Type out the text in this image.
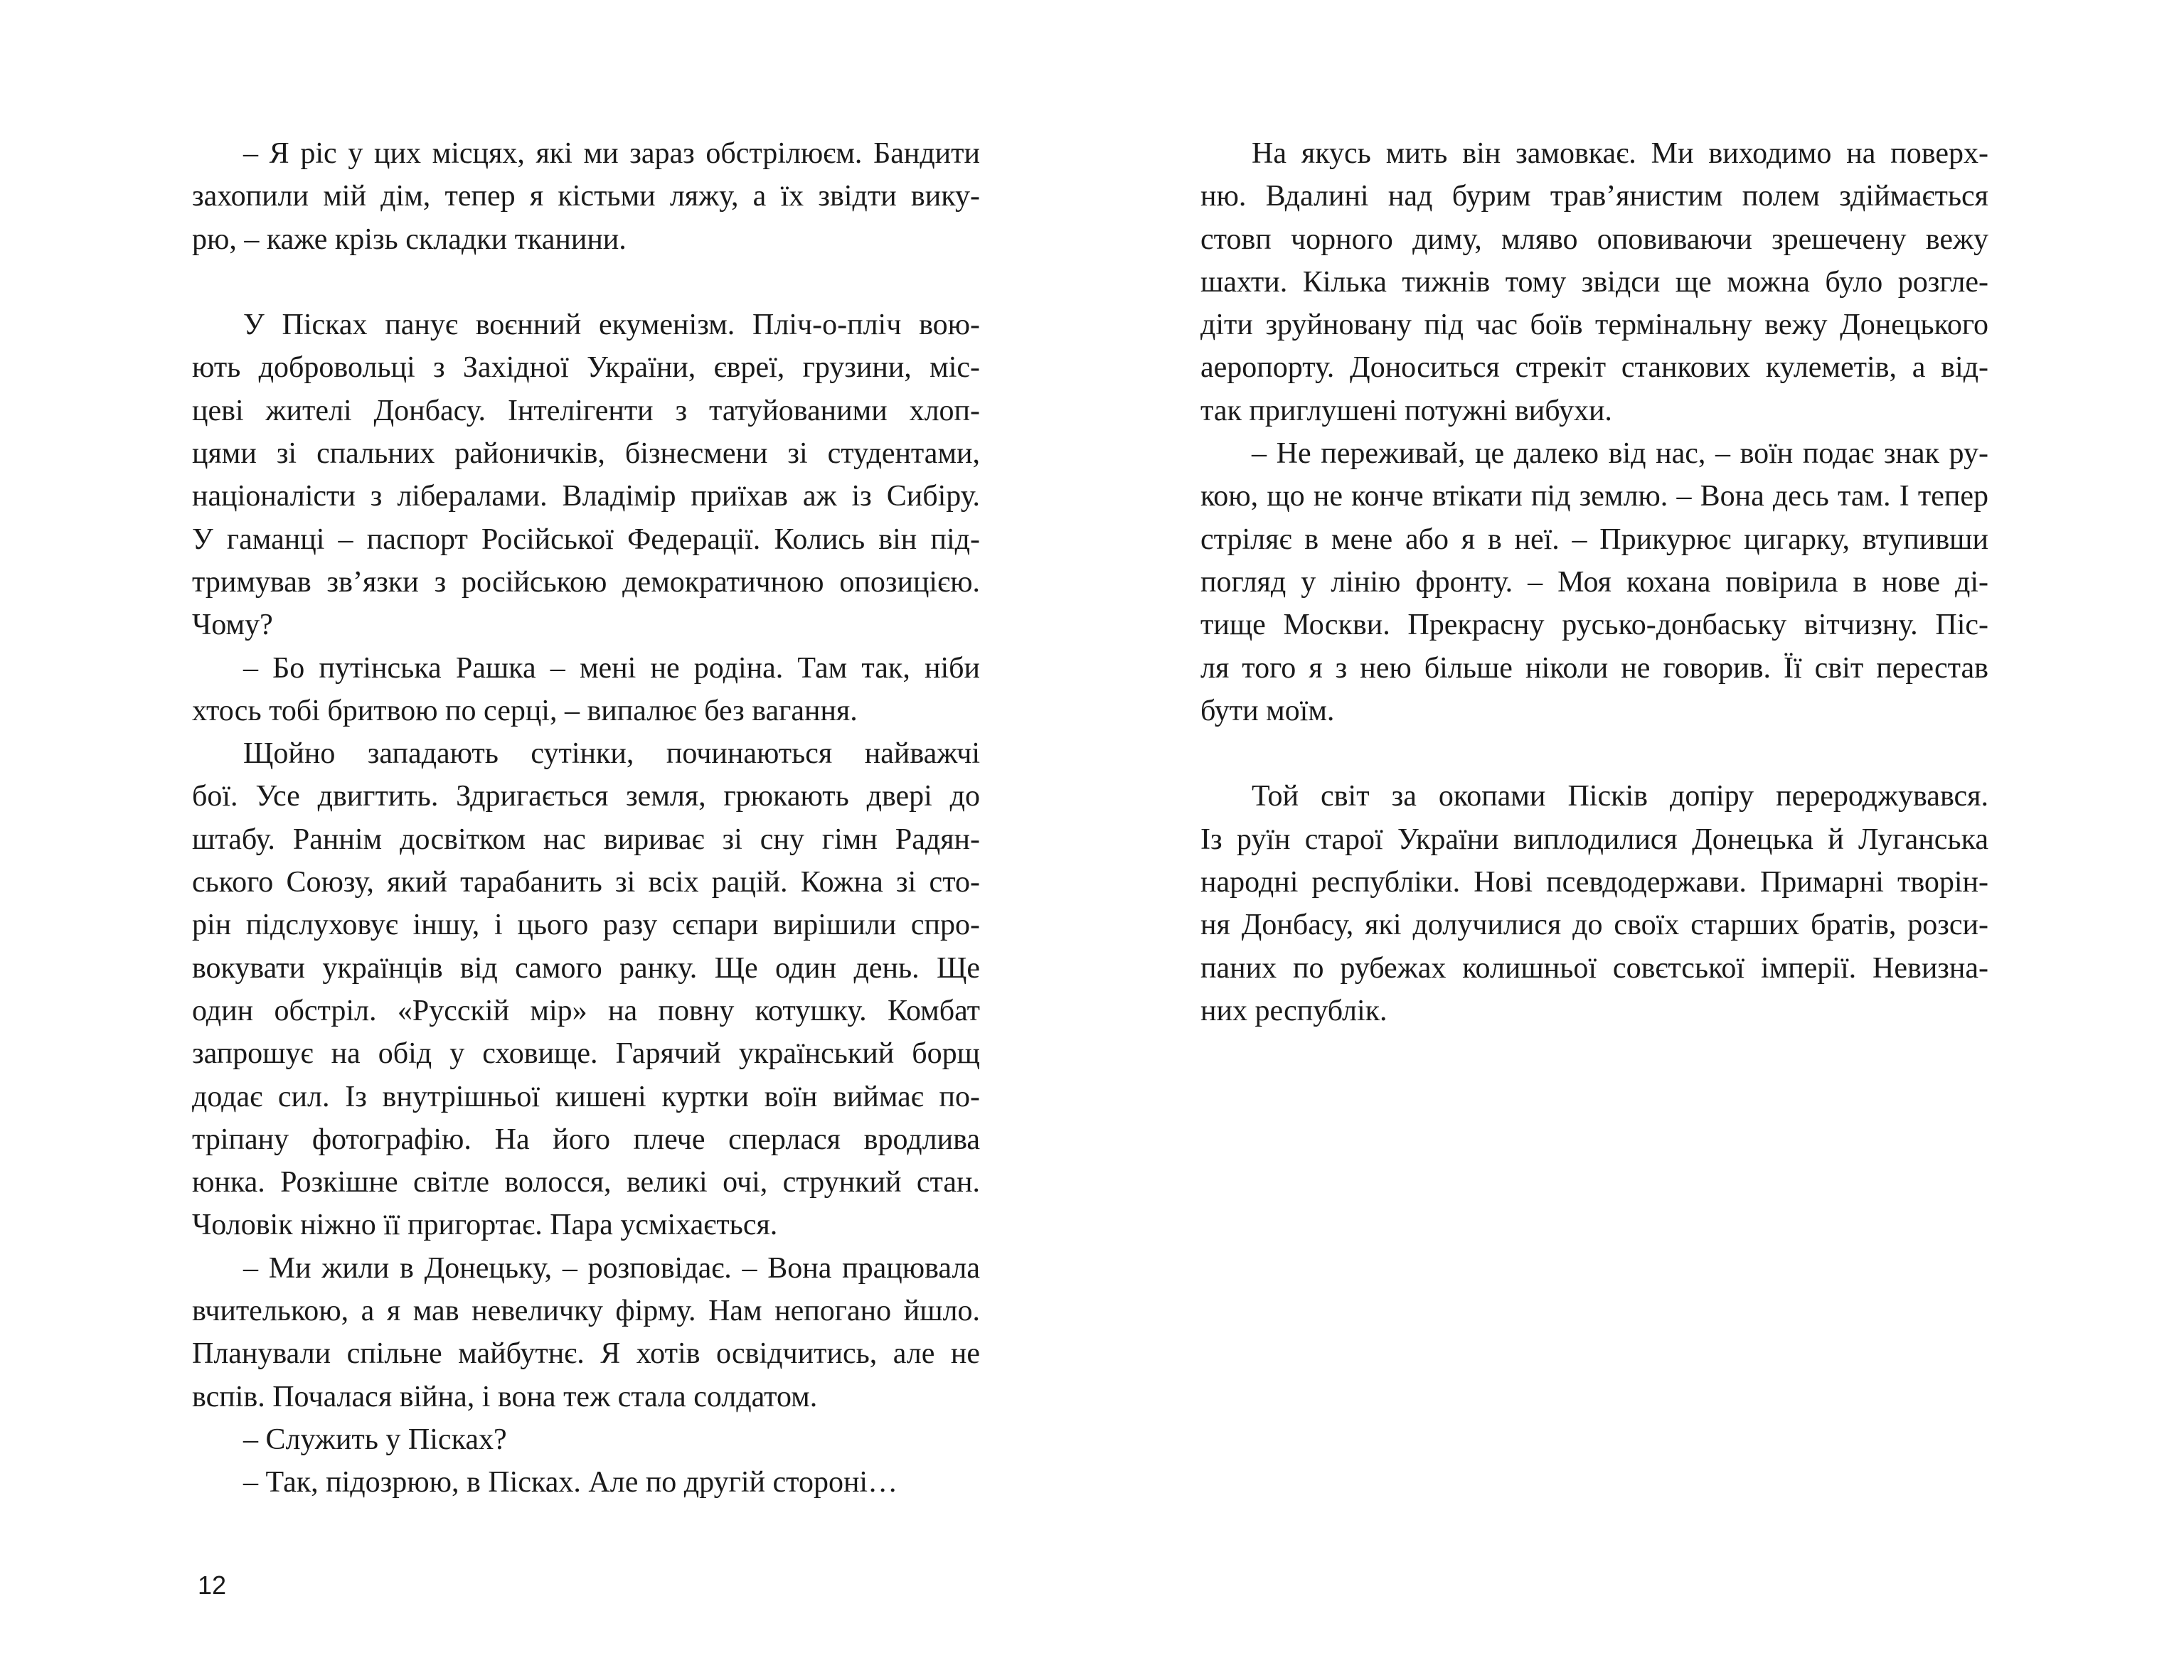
– Я ріс у цих місцях, які ми зараз обстрілюєм. Бандити
захопили мій дім, тепер я кістьми ляжу, а їх звідти вику-
рю, – каже крізь складки тканини.
У Пісках панує воєнний екуменізм. Пліч-о-пліч вою-
ють добровольці з Західної України, євреї, грузини, міс-
цеві жителі Донбасу. Інтелігенти з татуйованими хлоп-
цями зі спальних районичків, бізнесмени зі студентами,
націоналісти з лібералами. Владімір приїхав аж із Сибіру.
У гаманці – паспорт Російської Федерації. Колись він під-
тримував зв’язки з російською демократичною опозицією.
Чому?
– Бо путінська Рашка – мені не родіна. Там так, ніби
хтось тобі бритвою по серці, – випалює без вагання.
Щойно западають сутінки, починаються найважчі
бої. Усе двигтить. Здригається земля, грюкають двері до
штабу. Раннім досвітком нас вириває зі сну гімн Радян-
ського Союзу, який тарабанить зі всіх рацій. Кожна зі сто-
рін підслуховує іншу, і цього разу сєпари вирішили спро-
вокувати українців від самого ранку. Ще один день. Ще
один обстріл. «Русскій мір» на повну котушку. Комбат
запрошує на обід у сховище. Гарячий український борщ
додає сил. Із внутрішньої кишені куртки воїн виймає по-
тріпану фотографію. На його плече сперлася вродлива
юнка. Розкішне світле волосся, великі очі, стрункий стан.
Чоловік ніжно її пригортає. Пара усміхається.
– Ми жили в Донецьку, – розповідає. – Вона працювала
вчителькою, а я мав невеличку фірму. Нам непогано йшло.
Планували спільне майбутнє. Я хотів освідчитись, але не
вспів. Почалася війна, і вона теж стала солдатом.
– Служить у Пісках?
– Так, підозрюю, в Пісках. Але по другій стороні…
На якусь мить він замовкає. Ми виходимо на поверх-
ню. Вдалині над бурим трав’янистим полем здіймається
стовп чорного диму, мляво оповиваючи зрешечену вежу
шахти. Кілька тижнів тому звідси ще можна було розгле-
діти зруйновану під час боїв термінальну вежу Донецького
аеропорту. Доноситься стрекіт станкових кулеметів, а від-
так приглушені потужні вибухи.
– Не переживай, це далеко від нас, – воїн подає знак ру-
кою, що не конче втікати під землю. – Вона десь там. І тепер
стріляє в мене або я в неї. – Прикурює цигарку, втупивши
погляд у лінію фронту. – Моя кохана повірила в нове ді-
тище Москви. Прекрасну русько-донбаську вітчизну. Піс-
ля того я з нею більше ніколи не говорив. Її світ перестав
бути моїм.
Той світ за окопами Пісків допіру перероджувався.
Із руїн старої України виплодилися Донецька й Луганська
народні республіки. Нові псевдодержави. Примарні творін-
ня Донбасу, які долучилися до своїх старших братів, розси-
паних по рубежах колишньої совєтської імперії. Невизна-
них республік.
12
